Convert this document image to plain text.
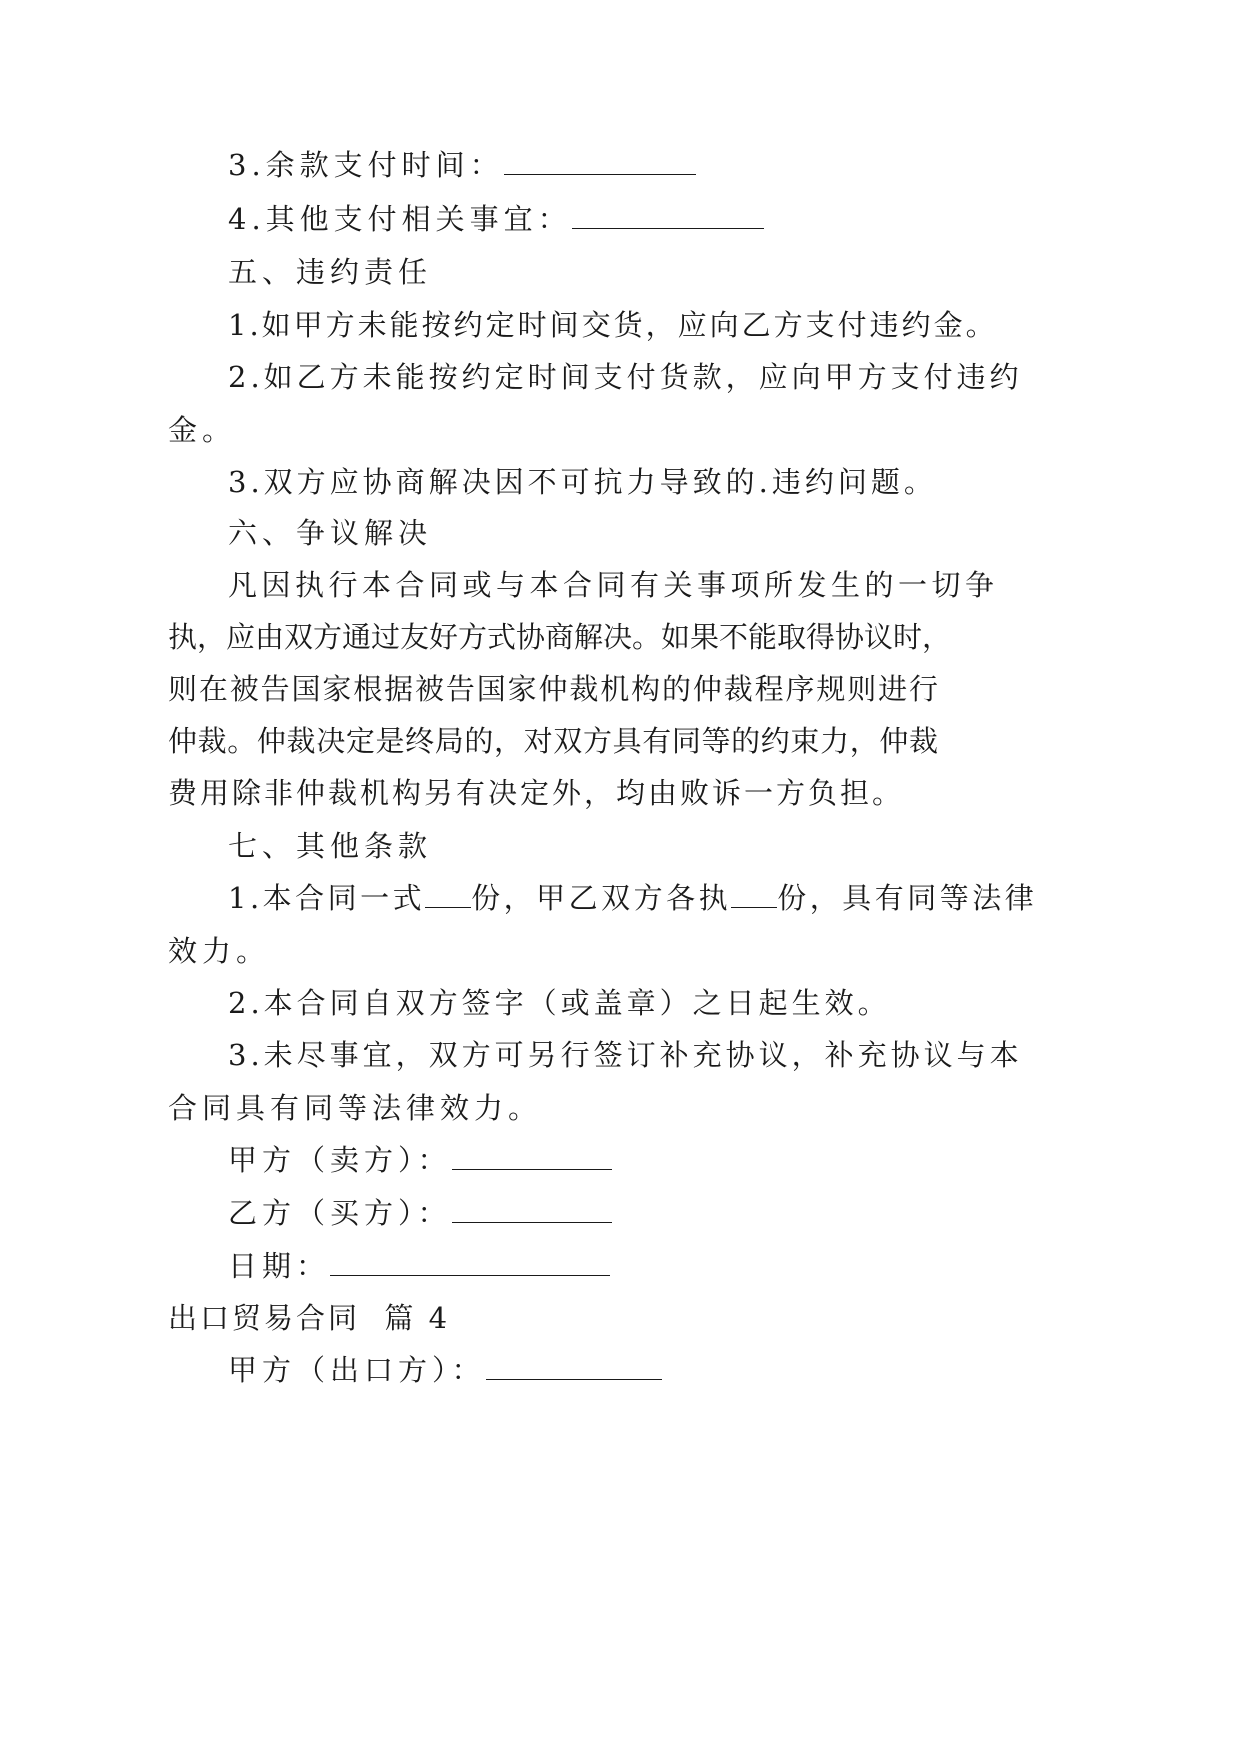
3.余款支付时间：
4.其他支付相关事宜：
五、违约责任
1.如甲方未能按约定时间交货，应向乙方支付违约金。
2.如乙方未能按约定时间支付货款，应向甲方支付违约
金。
3.双方应协商解决因不可抗力导致的.违约问题。
六、争议解决
凡因执行本合同或与本合同有关事项所发生的一切争
执，应由双方通过友好方式协商解决。如果不能取得协议时，
则在被告国家根据被告国家仲裁机构的仲裁程序规则进行
仲裁。仲裁决定是终局的，对双方具有同等的约束力，仲裁
费用除非仲裁机构另有决定外，均由败诉一方负担。
七、其他条款
1.本合同一式 份，甲乙双方各执 份，具有同等法律
效力。
2.本合同自双方签字（或盖章）之日起生效。
3.未尽事宜，双方可另行签订补充协议，补充协议与本
合同具有同等法律效力。
甲方（卖方）：
乙方（买方）：
日期：
出口贸易合同  篇 4
甲方（出口方）：
